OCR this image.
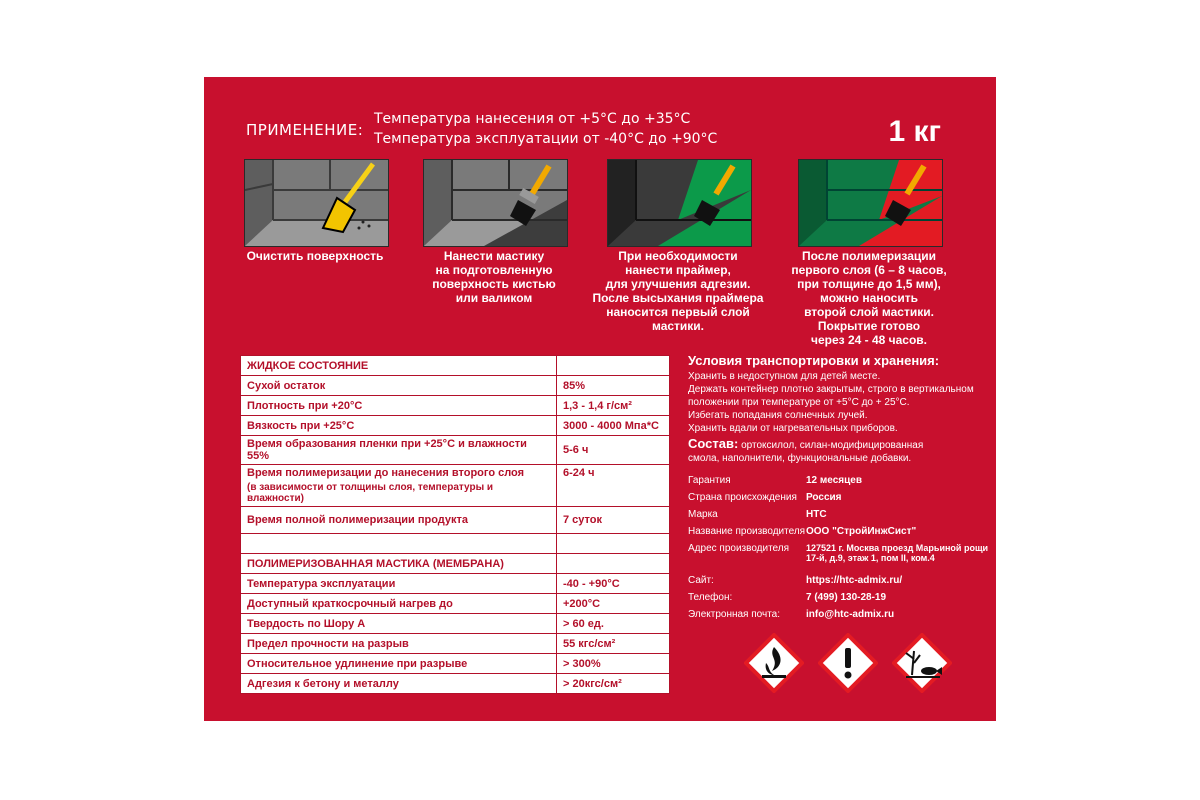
ПРИМЕНЕНИЕ:
Температура нанесения от +5°C до +35°C
Температура эксплуатации от -40°C до +90°C	1 кг
Очистить поверхность	Нанести мастику
на подготовленную
поверхность кистью
или валиком
При необходимости
нанести праймер,
для улучшения адгезии.
После высыхания праймера
наносится первый слой
мастики.
После полимеризации
первого слоя (6 – 8 часов,
при толщине до 1,5 мм),
можно наносить
второй слой мастики.
Покрытие готово
через 24 - 48 часов.
ЖИДКОЕ СОСТОЯНИЕ	
Сухой остаток	85%
Плотность при +20°С	1,3 - 1,4 г/см²
Вязкость при +25°С	3000 - 4000 Мпа*С
Время образования пленки при +25°С и влажности 55%	5-6 ч

Время полимеризации до нанесения второго слоя
(в зависимости от толщины слоя, температуры и влажности)	6-24 ч
Время полной полимеризации продукта	7 суток

ПОЛИМЕРИЗОВАННАЯ МАСТИКА (МЕМБРАНА)	
Температура эксплуатации	-40 - +90°С
Доступный краткосрочный нагрев до	+200°С
Твердость по Шору А	> 60 ед.
Предел прочности на разрыв	55 кгс/см²
Относительное удлинение при разрыве	> 300%
Адгезия к бетону и металлу	> 20кгс/см²
Условия транспортировки и хранения:
Хранить в недоступном для детей месте.
Держать контейнер плотно закрытым, строго в вертикальном
положении при температуре от +5°С до + 25°С.
Избегать попадания солнечных лучей.
Хранить вдали от нагревательных приборов.
Состав: ортоксилол, силан-модифицированная смола, наполнители, функциональные добавки.
Гарантия	12 месяцев
Страна происхождения Россия
Марка	НТС
Название производителя ООО "СтройИнжСист"
Адрес производителя	127521 г. Москва проезд Марьиной рощи 17-й, д.9, этаж 1, пом II, ком.4
Сайт:	https://htc-admix.ru/
Телефон:	7 (499) 130-28-19
Электронная почта:	info@htc-admix.ru
